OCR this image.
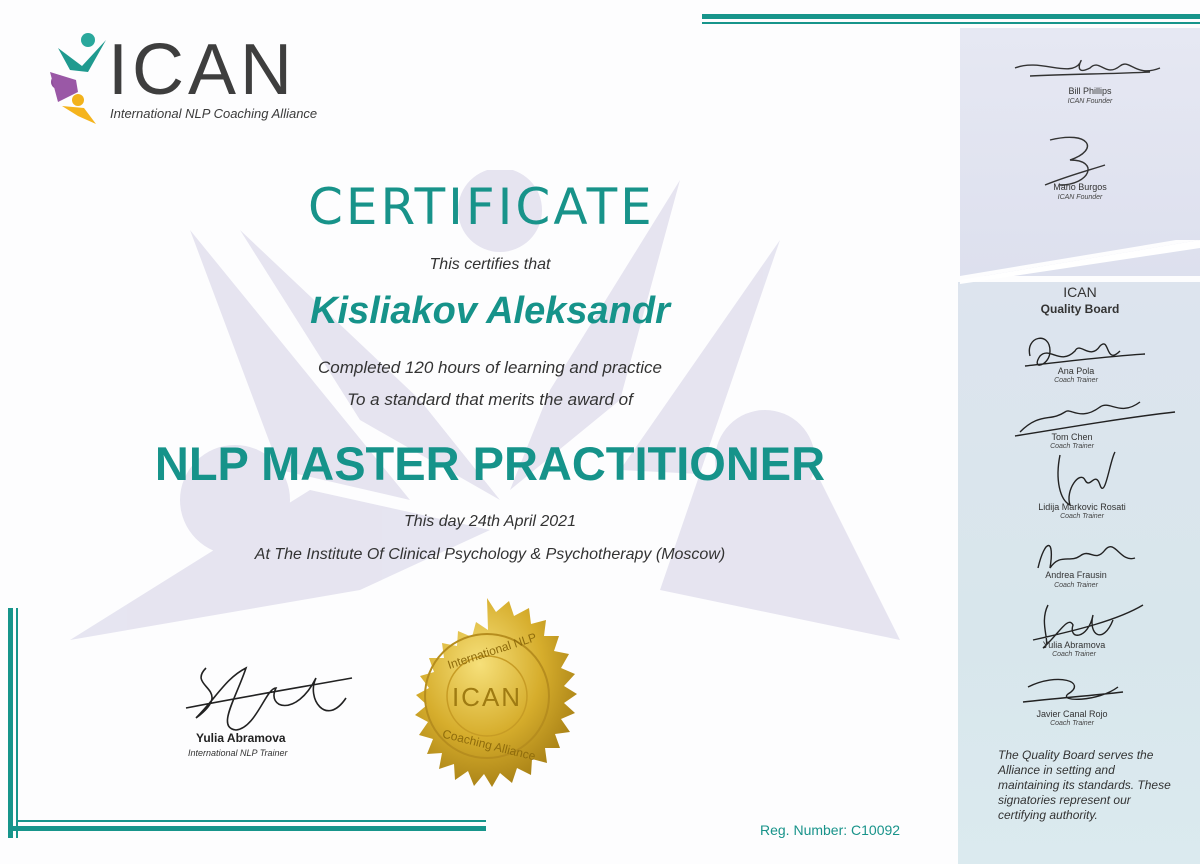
ICAN
International NLP Coaching Alliance
CERTIFICATE
This certifies that
Kisliakov Aleksandr
Completed 120 hours of learning and practice
To a standard that merits the award of
NLP MASTER PRACTITIONER
This day 24th April 2021
At The Institute Of Clinical Psychology & Psychotherapy (Moscow)
Yulia Abramova
International NLP Trainer
ICAN
International NLP
Coaching Alliance
Bill Phillips
ICAN Founder
Mario Burgos
ICAN Founder
ICAN
Quality Board
Ana Pola
Coach Trainer
Tom Chen
Coach Trainer
Lidija Markovic Rosati
Coach Trainer
Andrea Frausin
Coach Trainer
Yulia Abramova
Coach Trainer
Javier Canal Rojo
Coach Trainer
The Quality Board serves the Alliance in setting and maintaining its standards. These signatories represent our certifying authority.
Reg. Number: C10092
